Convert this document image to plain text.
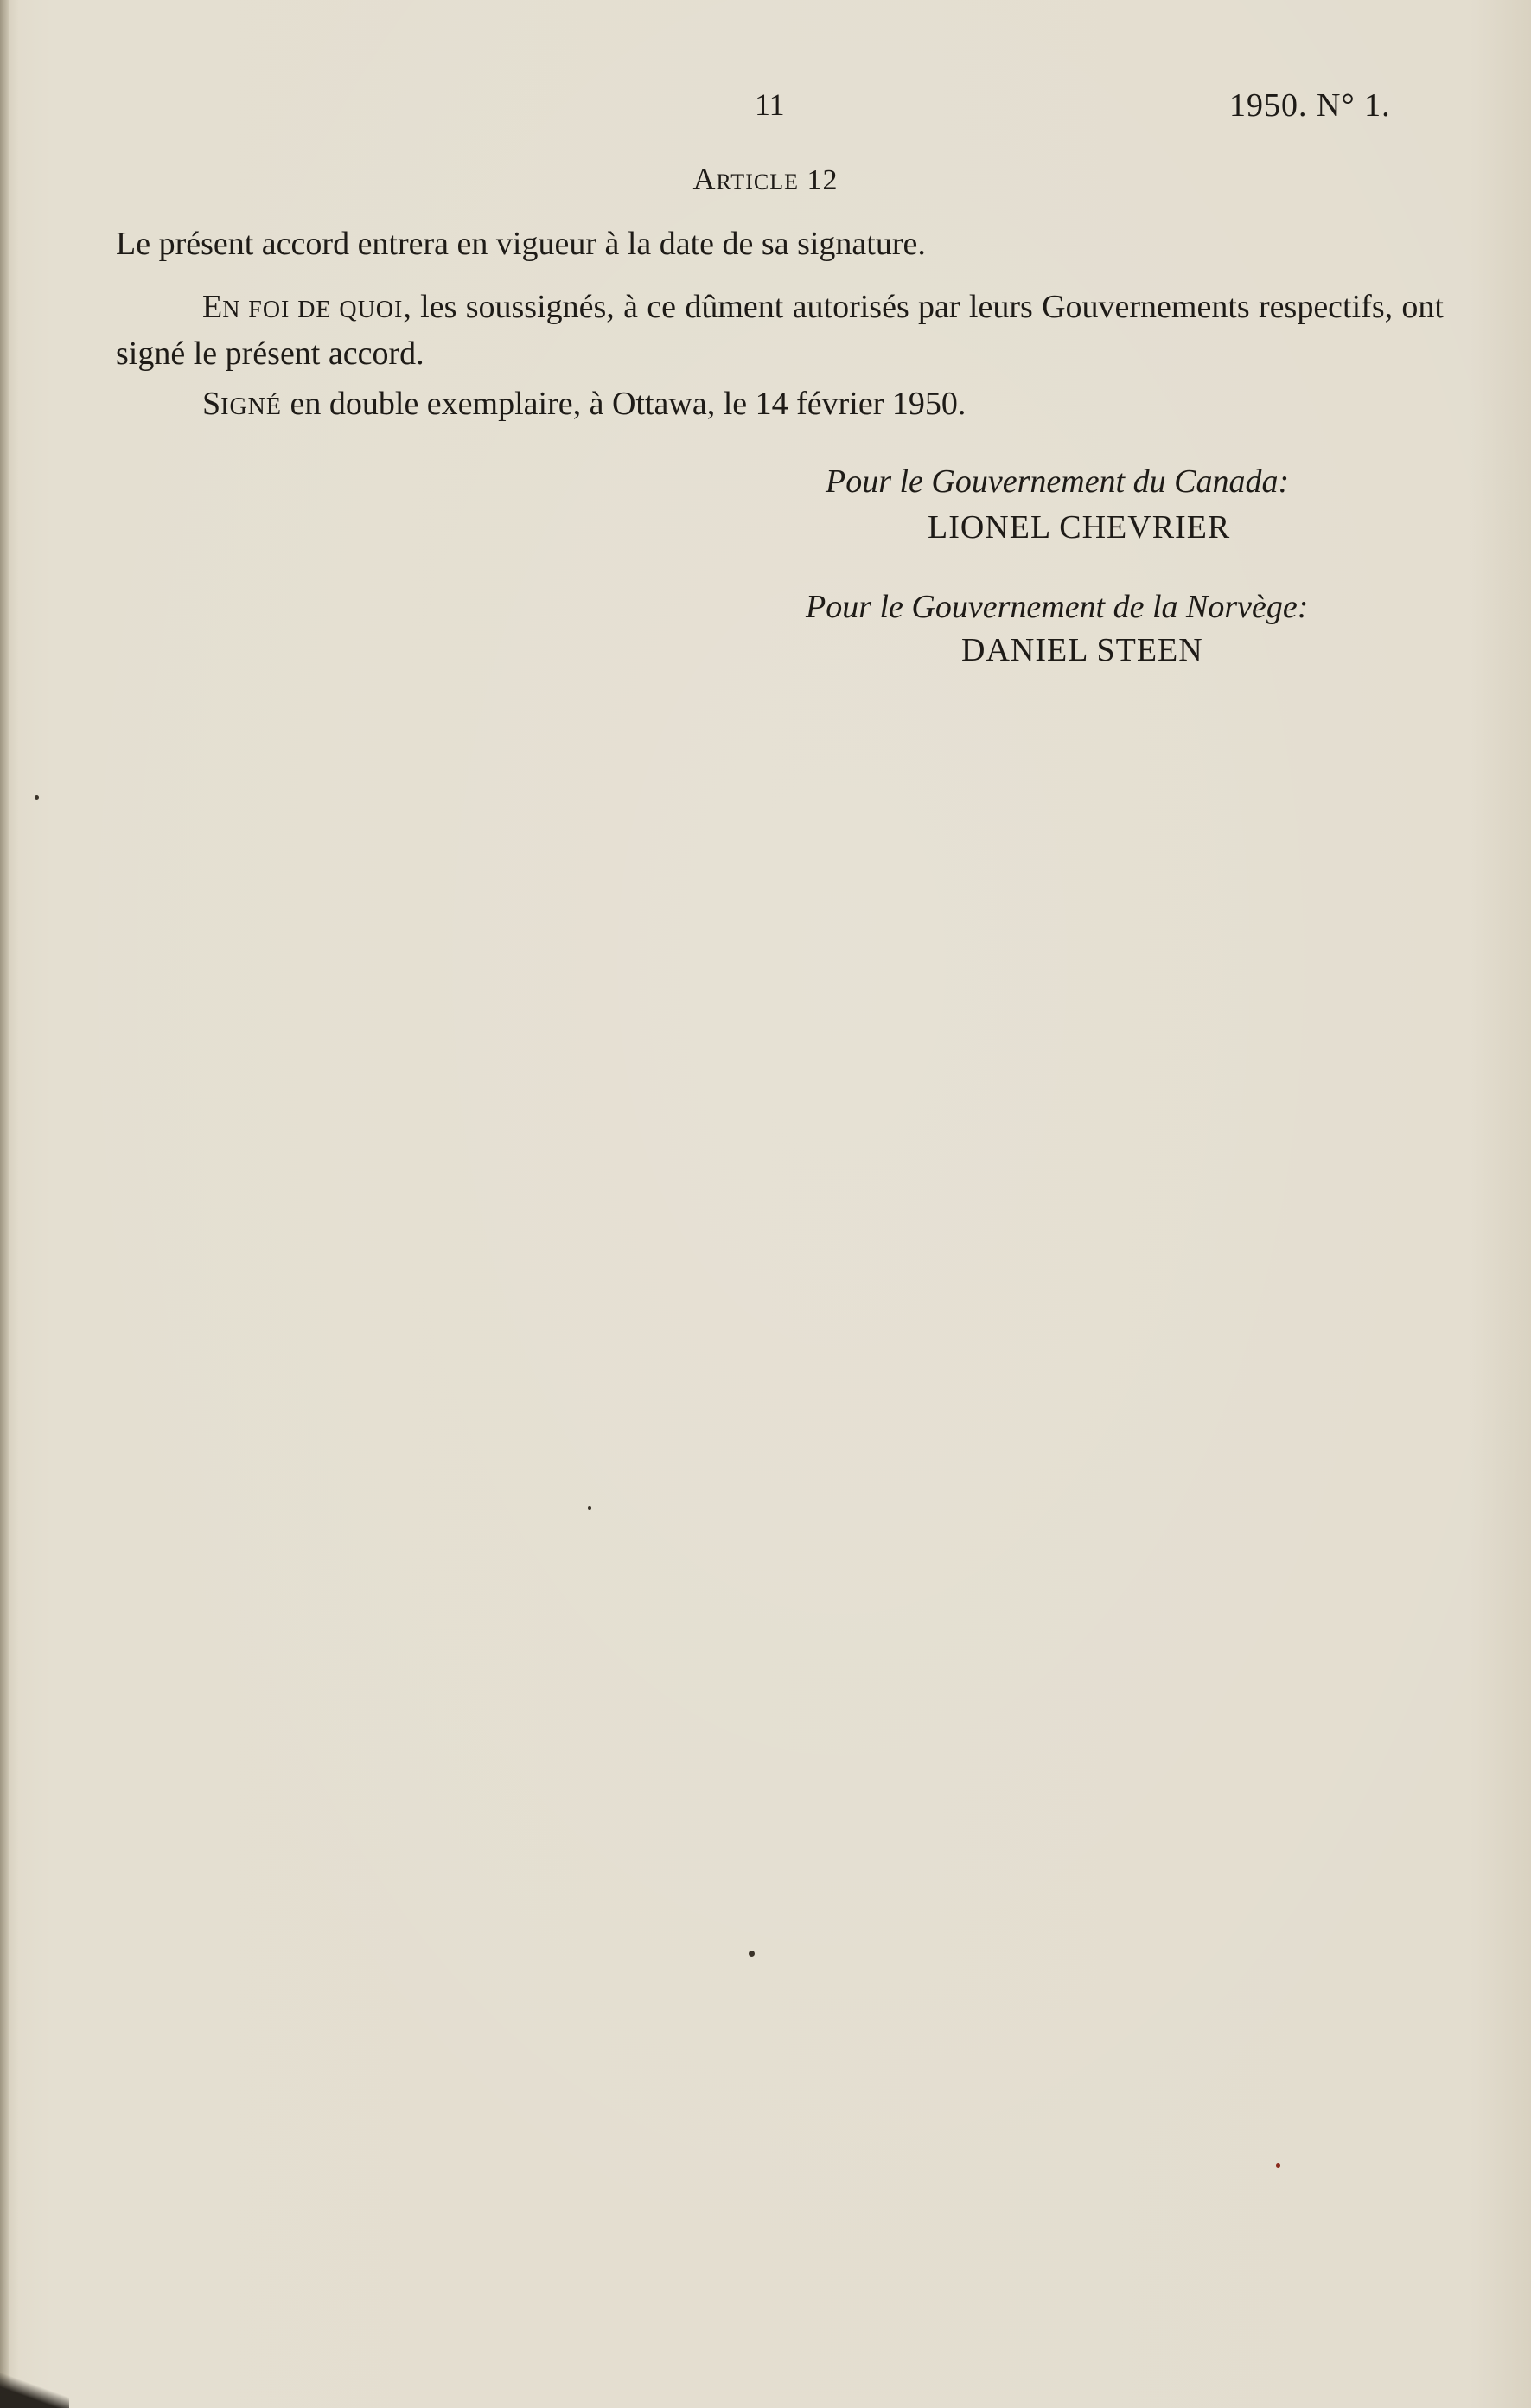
11	1950. N° 1.
ARTICLE 12

Le présent accord entrera en vigueur à la date de sa signature.

EN FOI DE QUOI, les soussignés, à ce dûment autorisés par leurs Gouvernements respectifs, ont signé le présent accord.

SIGNÉ en double exemplaire, à Ottawa, le 14 février 1950.

Pour le Gouvernement du Canada:
LIONEL CHEVRIER
Pour le Gouvernement de la Norvège:
DANIEL STEEN
